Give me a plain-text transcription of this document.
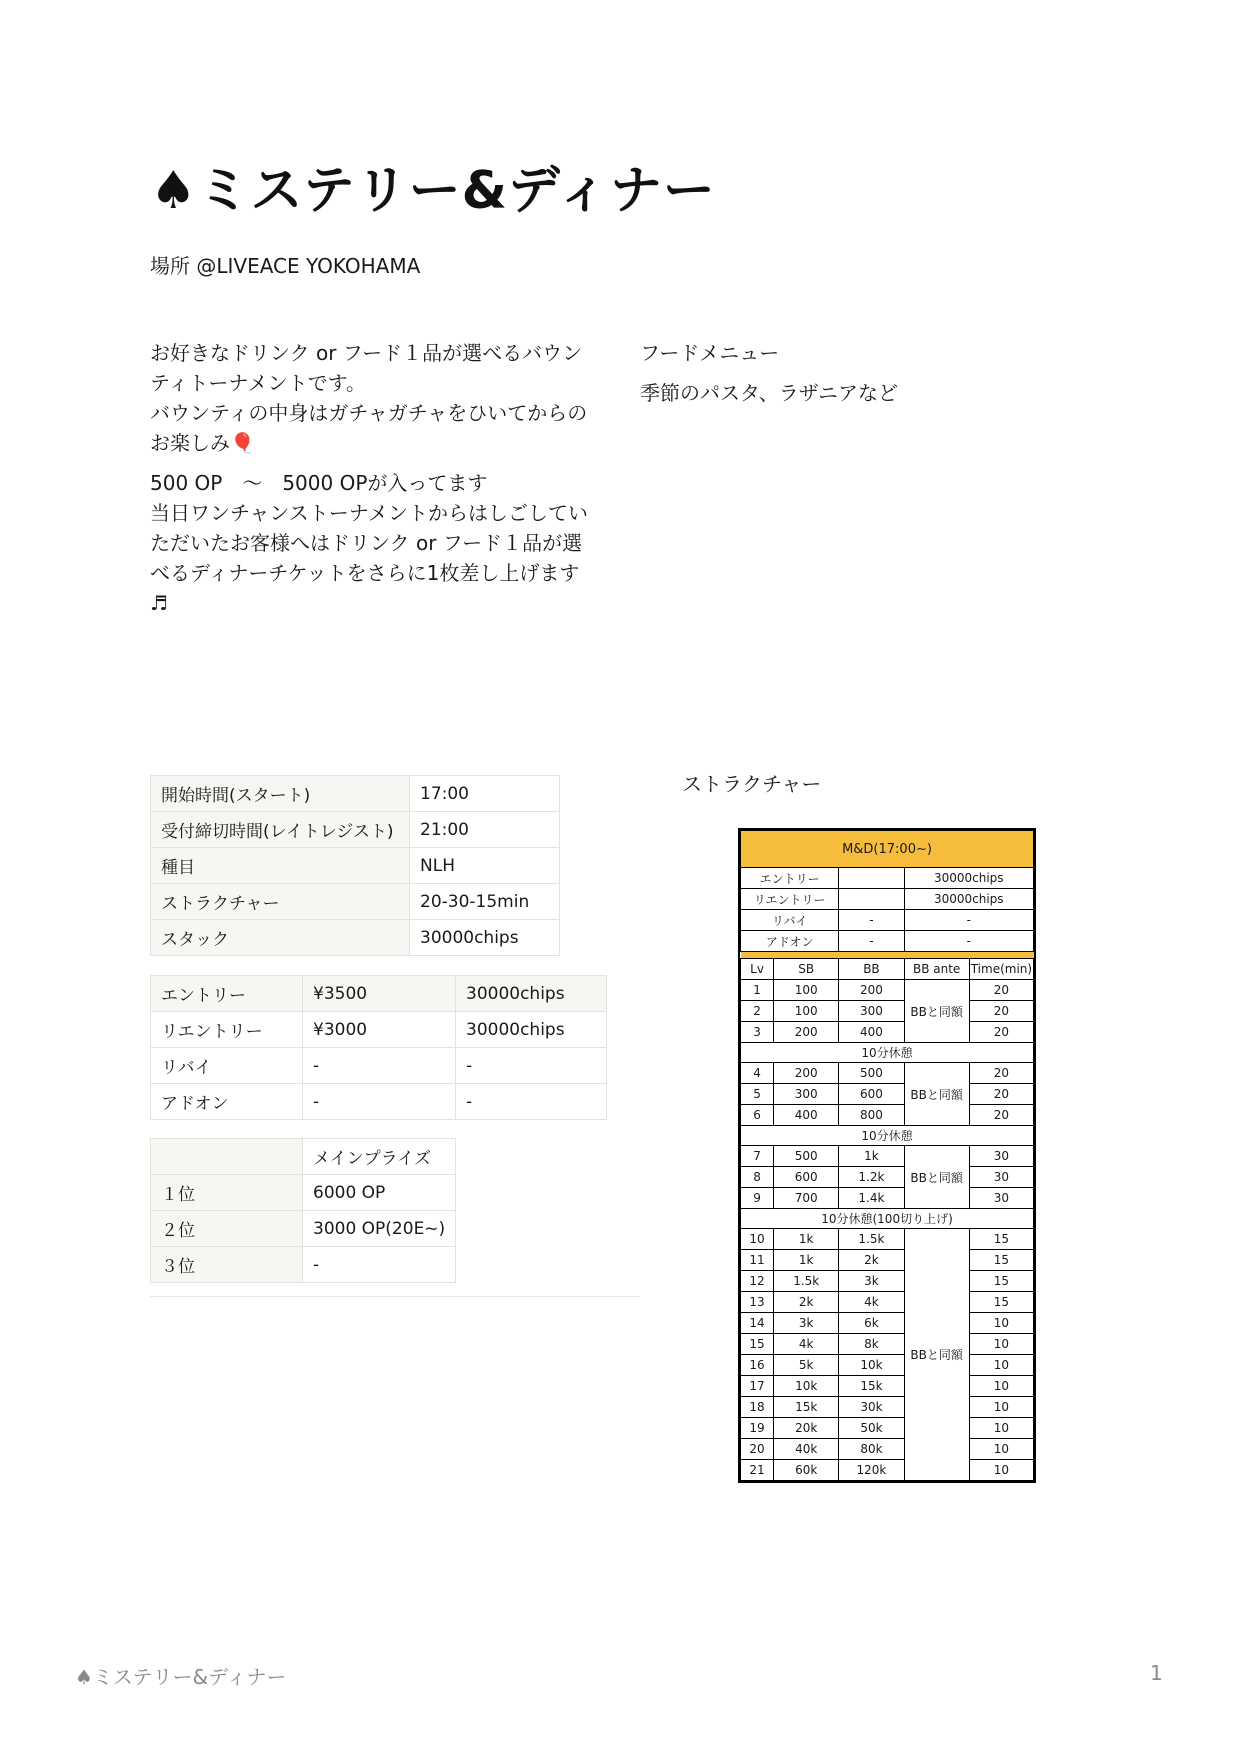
♠ミステリー&ディナー
場所 @LIVEACE YOKOHAMA

お好きなドリンク or フード１品が選べるバウン
ティトーナメントです。
バウンティの中身はガチャガチャをひいてからの
お楽しみ🎈

500 OP　〜　5000 OPが入ってます
当日ワンチャンストーナメントからはしごしてい
ただいたお客様へはドリンク or フード１品が選
べるディナーチケットをさらに1枚差し上げます
♬

フードメニュー
季節のパスタ、ラザニアなど
開始時間(スタート)	17:00
受付締切時間(レイトレジスト)	21:00
種目	NLH
ストラクチャー	20-30-15min
スタック	30000chips
エントリー	¥3500	30000chips
リエントリー	¥3000	30000chips
リバイ	-	-
アドオン	-	-
	メインプライズ
１位	6000 OP
２位	3000 OP(20E~)
３位	-
ストラクチャー
M&D(17:00~)				
エントリー			30000chips	
リエントリー			30000chips	
リバイ		-	-	
アドオン		-	-	

Lv	SB	BB	BB ante	Time(min)
1	100	200	BBと同額	20
2	100	300		20
3	200	400		20
10分休憩				
4	200	500	BBと同額	20
5	300	600		20
6	400	800		20
10分休憩				
7	500	1k	BBと同額	30
8	600	1.2k		30
9	700	1.4k		30
10分休憩(100切り上げ)				
10	1k	1.5k	BBと同額	15
11	1k	2k		15
12	1.5k	3k		15
13	2k	4k		15
14	3k	6k		10
15	4k	8k		10
16	5k	10k		10
17	10k	15k		10
18	15k	30k		10
19	20k	50k		10
20	40k	80k		10
21	60k	120k		10
♠ミステリー&ディナー	1
